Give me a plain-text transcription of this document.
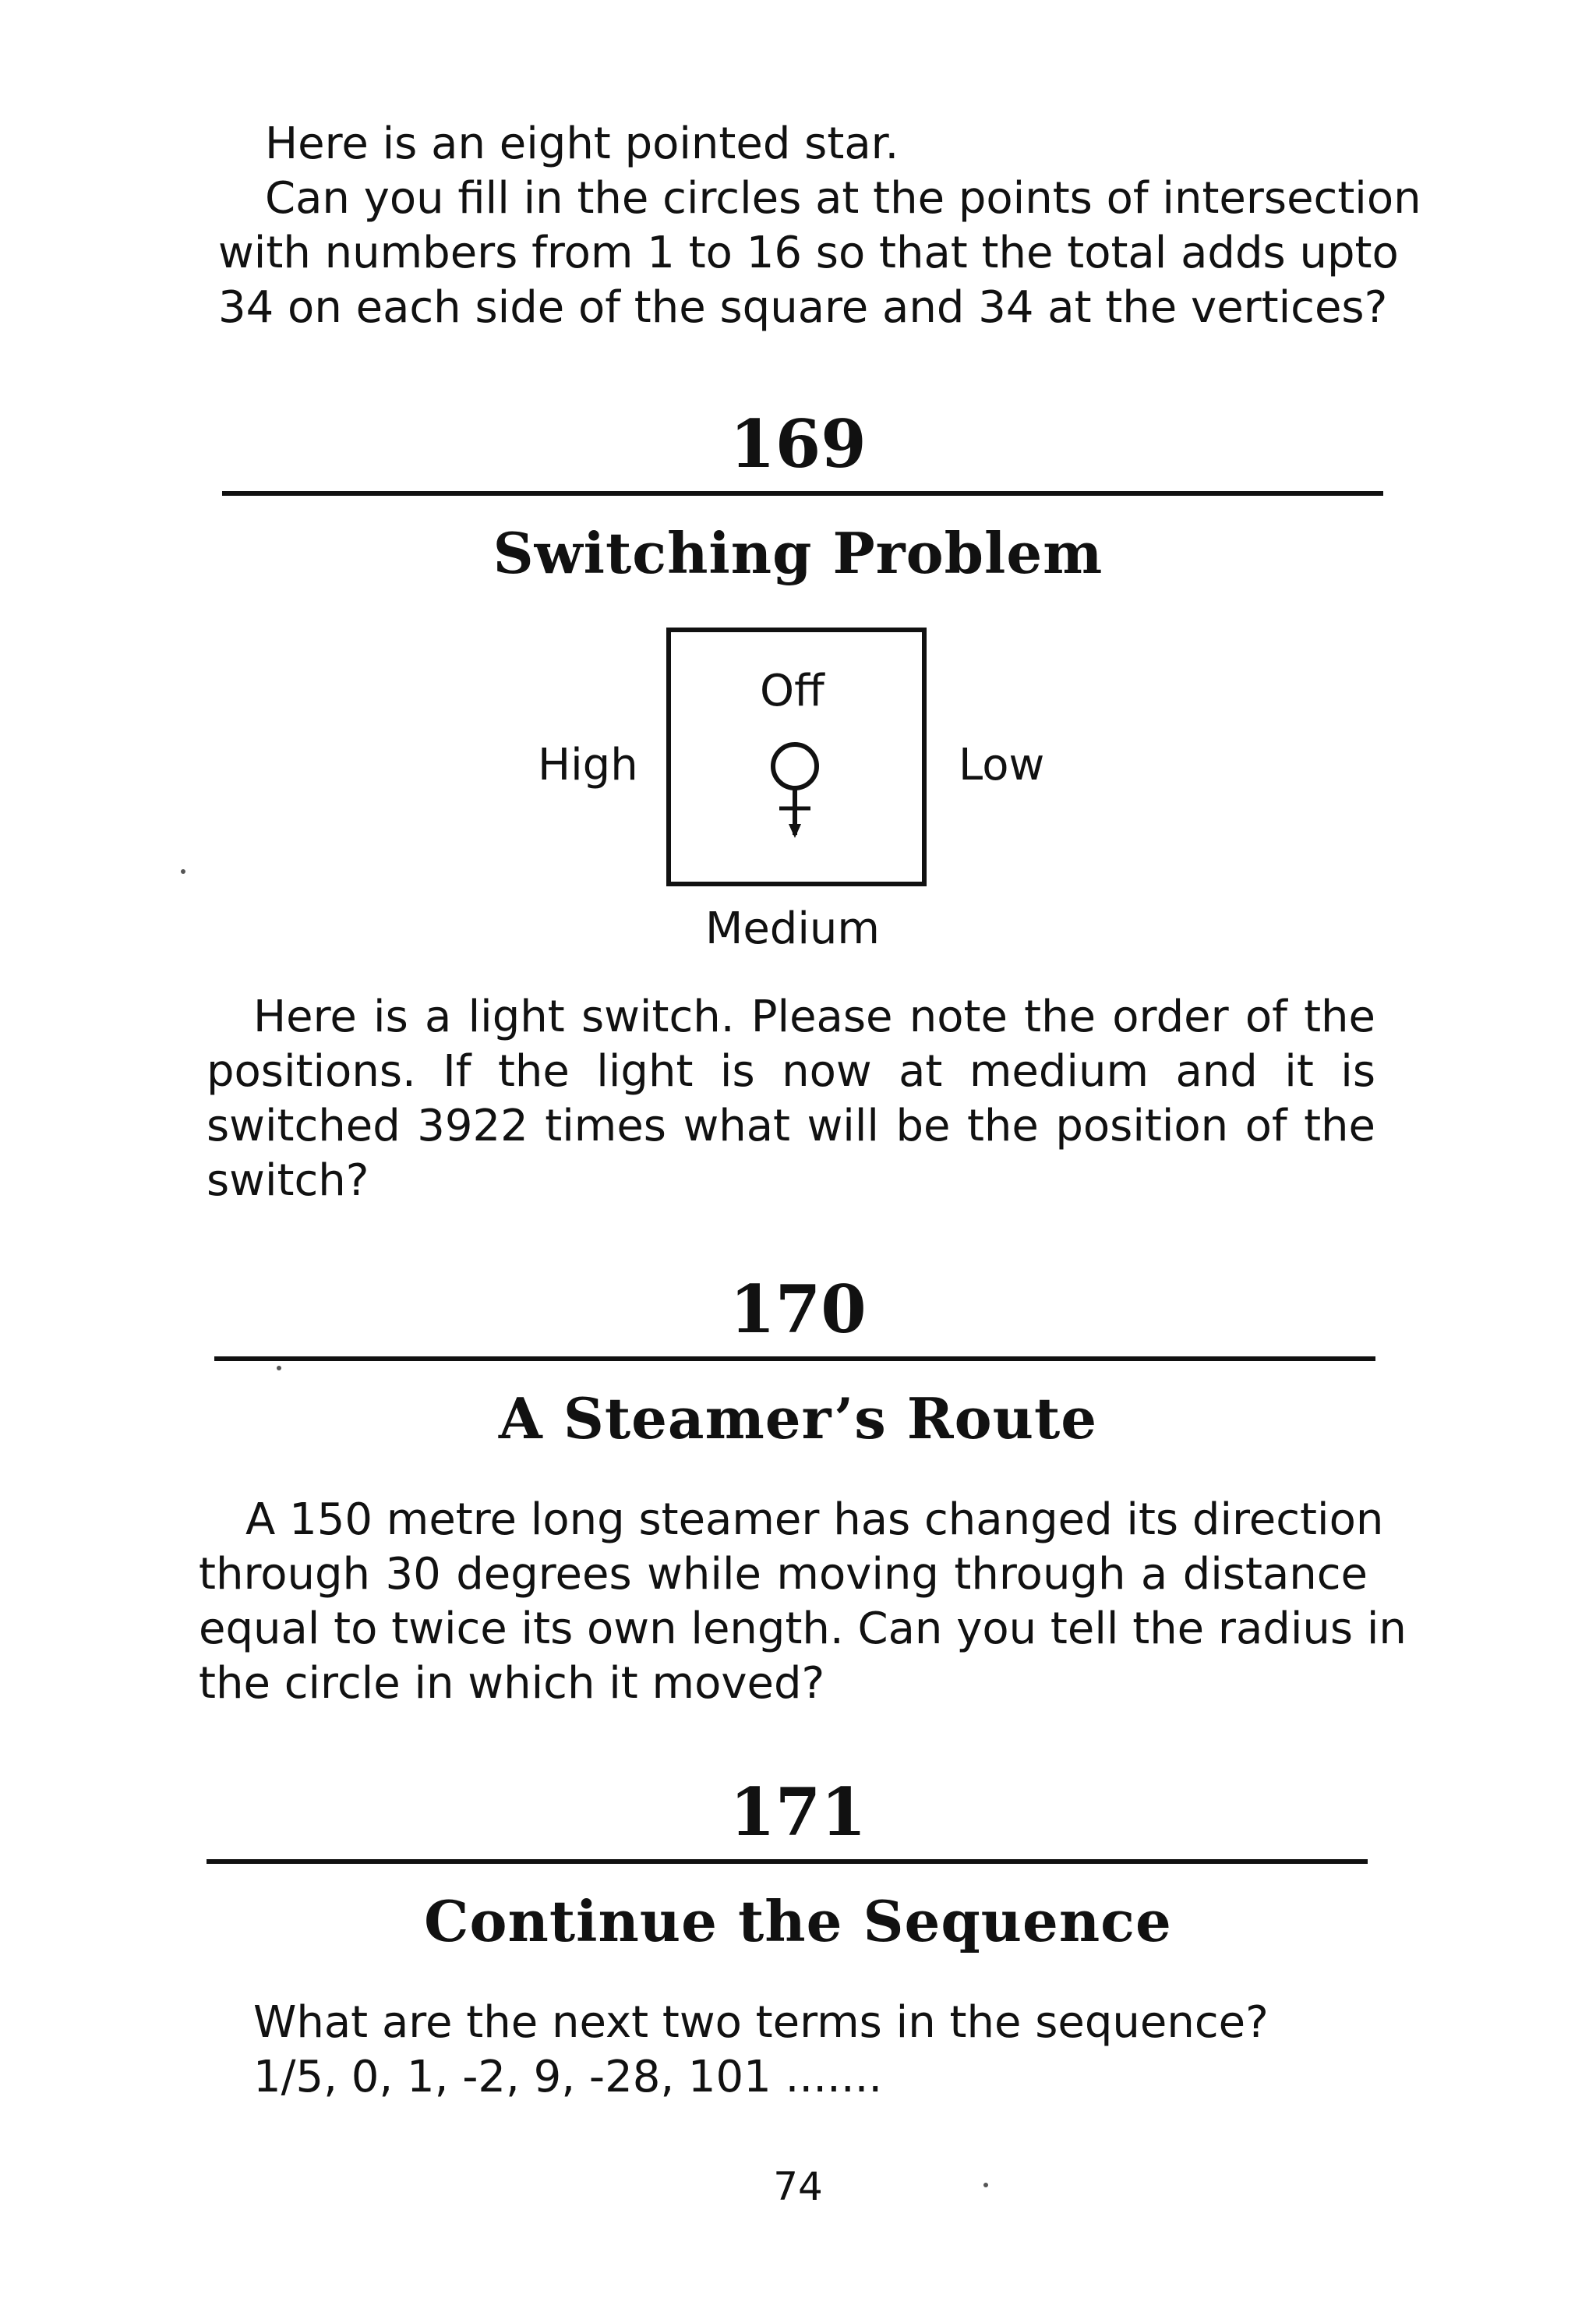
Here is an eight pointed star.
Can you fill in the circles at the points of intersection
with numbers from 1 to 16 so that the total adds upto
34 on each side of the square and 34 at the vertices?
169
Switching Problem
Off
High	Low
Medium
Here is a light switch. Please note the order of the
positions. If the light is now at medium and it is
switched 3922 times what will be the position of the
switch?
170
A Steamer’s Route
A 150 metre long steamer has changed its direction
through 30 degrees while moving through a distance
equal to twice its own length. Can you tell the radius in
the circle in which it moved?
171
Continue the Sequence
What are the next two terms in the sequence?
1/5, 0, 1, -2, 9, -28, 101 .......
74
